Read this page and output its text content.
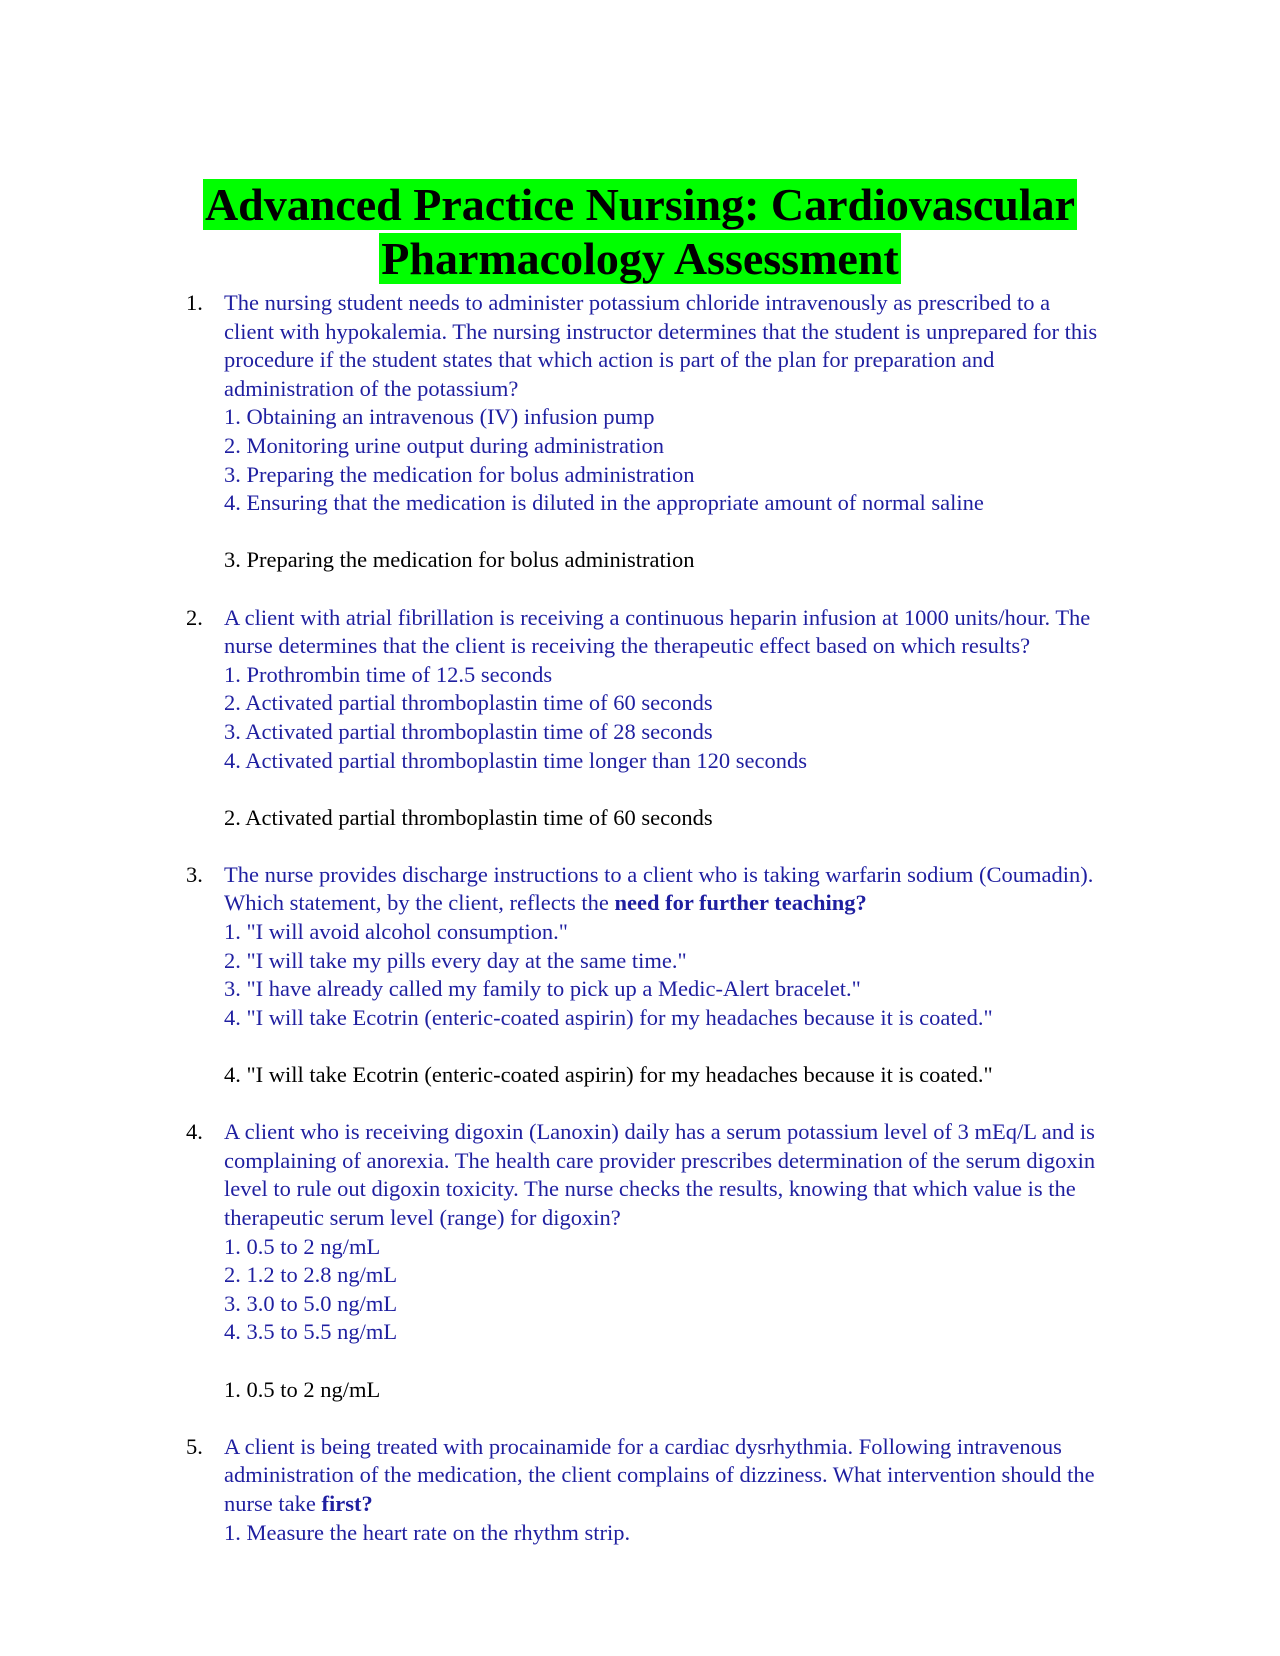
Advanced Practice Nursing: Cardiovascular
Pharmacology Assessment
1. The nursing student needs to administer potassium chloride intravenously as prescribed to a client with hypokalemia. The nursing instructor determines that the student is unprepared for this procedure if the student states that which action is part of the plan for preparation and administration of the potassium?
1. Obtaining an intravenous (IV) infusion pump
2. Monitoring urine output during administration
3. Preparing the medication for bolus administration
4. Ensuring that the medication is diluted in the appropriate amount of normal saline
3. Preparing the medication for bolus administration
2. A client with atrial fibrillation is receiving a continuous heparin infusion at 1000 units/hour. The nurse determines that the client is receiving the therapeutic effect based on which results?
1. Prothrombin time of 12.5 seconds
2. Activated partial thromboplastin time of 60 seconds
3. Activated partial thromboplastin time of 28 seconds
4. Activated partial thromboplastin time longer than 120 seconds
2. Activated partial thromboplastin time of 60 seconds
3. The nurse provides discharge instructions to a client who is taking warfarin sodium (Coumadin). Which statement, by the client, reflects the need for further teaching?
1. "I will avoid alcohol consumption."
2. "I will take my pills every day at the same time."
3. "I have already called my family to pick up a Medic-Alert bracelet."
4. "I will take Ecotrin (enteric-coated aspirin) for my headaches because it is coated."
4. "I will take Ecotrin (enteric-coated aspirin) for my headaches because it is coated."
4. A client who is receiving digoxin (Lanoxin) daily has a serum potassium level of 3 mEq/L and is complaining of anorexia. The health care provider prescribes determination of the serum digoxin level to rule out digoxin toxicity. The nurse checks the results, knowing that which value is the therapeutic serum level (range) for digoxin?
1. 0.5 to 2 ng/mL
2. 1.2 to 2.8 ng/mL
3. 3.0 to 5.0 ng/mL
4. 3.5 to 5.5 ng/mL
1. 0.5 to 2 ng/mL
5. A client is being treated with procainamide for a cardiac dysrhythmia. Following intravenous administration of the medication, the client complains of dizziness. What intervention should the nurse take first?
1. Measure the heart rate on the rhythm strip.
